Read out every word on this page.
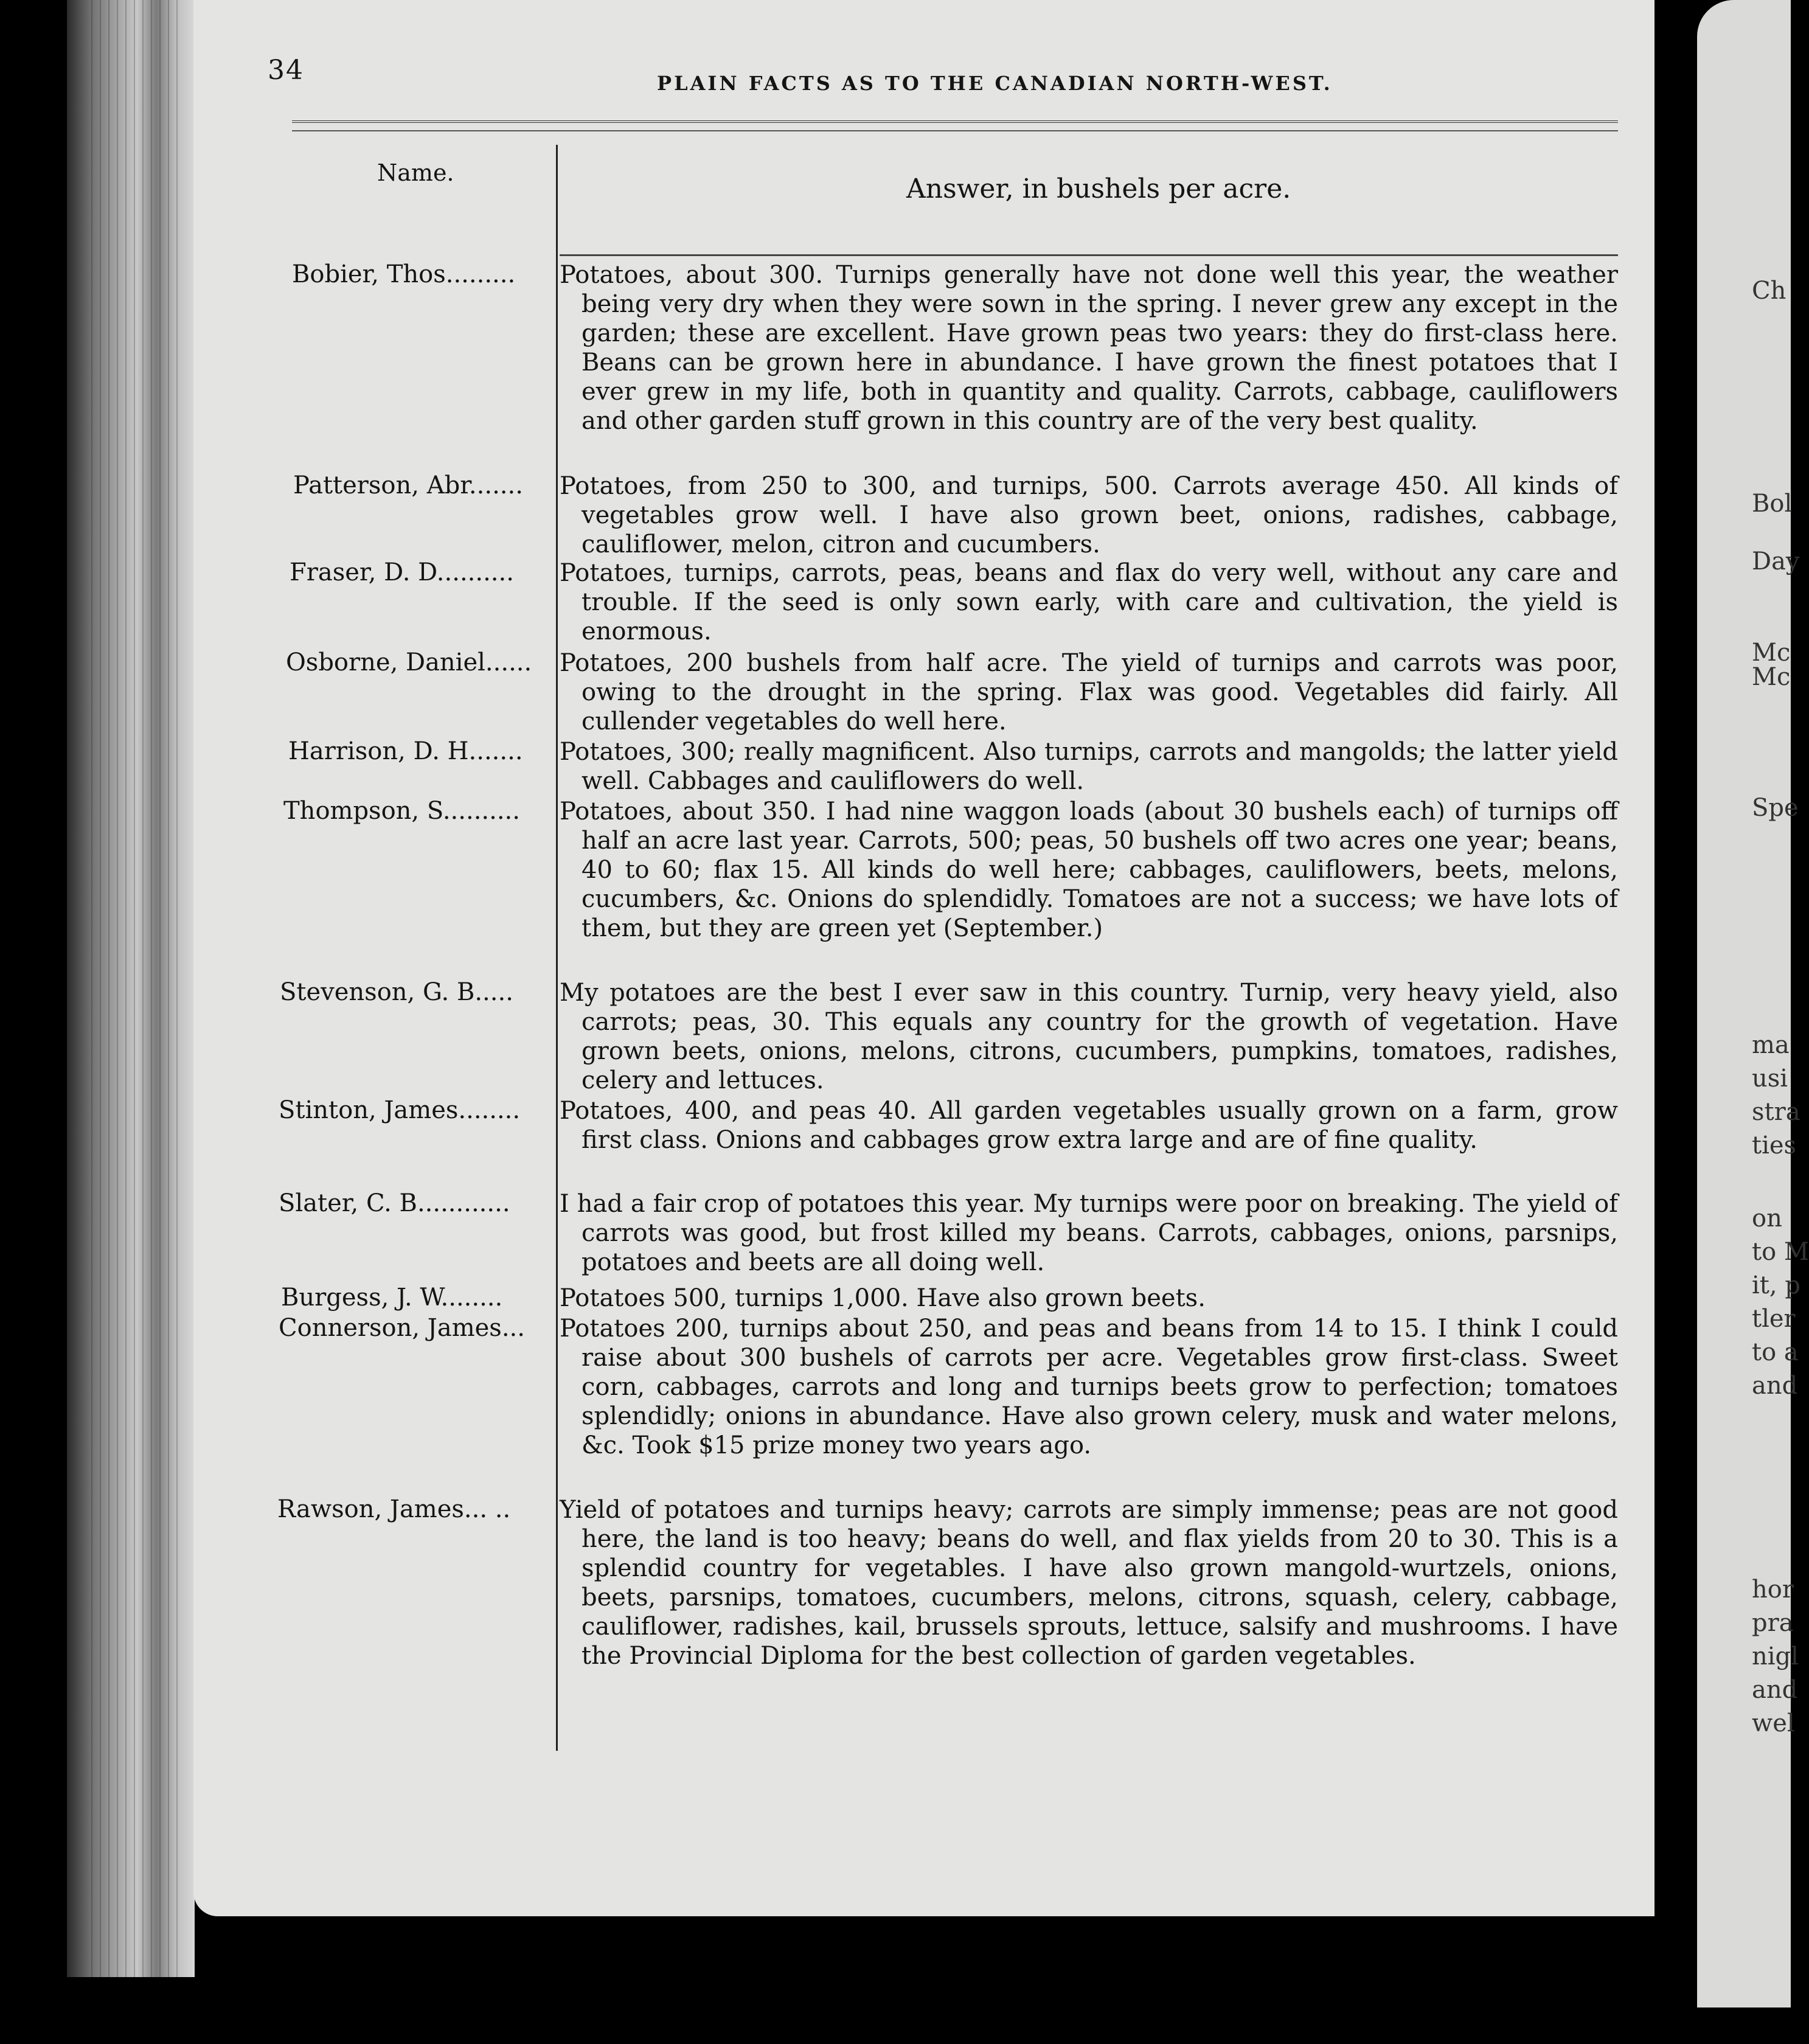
Ch
Bol
Day
Mc
Mc
Spe
ma
usi
stra
ties
on
to M
it, p
tler
to a
and
hor
pra
nigl
and
wel
34	PLAIN FACTS AS TO THE CANADIAN NORTH-WEST.
Name.
Answer, in bushels per acre.
Bobier, Thos.........	Potatoes, about 300. Turnips generally have not done well this year, the weather being very dry when they were sown in the spring. I never grew any except in the garden; these are excellent. Have grown peas two years: they do first-class here. Beans can be grown here in abundance. I have grown the finest potatoes that I ever grew in my life, both in quantity and quality. Carrots, cabbage, cauliflowers and other garden stuff grown in this country are of the very best quality.
Patterson, Abr.......	Potatoes, from 250 to 300, and turnips, 500. Carrots average 450. All kinds of vegetables grow well. I have also grown beet, onions, radishes, cabbage, cauliflower, melon, citron and cucumbers.
Fraser, D. D..........	Potatoes, turnips, carrots, peas, beans and flax do very well, without any care and trouble. If the seed is only sown early, with care and cultivation, the yield is enormous.
Osborne, Daniel......	Potatoes, 200 bushels from half acre. The yield of turnips and carrots was poor, owing to the drought in the spring. Flax was good. Vegetables did fairly. All cullender vegetables do well here.
Harrison, D. H.......	Potatoes, 300; really magnificent. Also turnips, carrots and mangolds; the latter yield well. Cabbages and cauliflowers do well.
Thompson, S..........	Potatoes, about 350. I had nine waggon loads (about 30 bushels each) of turnips off half an acre last year. Carrots, 500; peas, 50 bushels off two acres one year; beans, 40 to 60; flax 15. All kinds do well here; cabbages, cauliflowers, beets, melons, cucumbers, &c. Onions do splendidly. Tomatoes are not a success; we have lots of them, but they are green yet (September.)
Stevenson, G. B.....	My potatoes are the best I ever saw in this country. Turnip, very heavy yield, also carrots; peas, 30. This equals any country for the growth of vegetation. Have grown beets, onions, melons, citrons, cucumbers, pumpkins, tomatoes, radishes, celery and lettuces.
Stinton, James........	Potatoes, 400, and peas 40. All garden vegetables usually grown on a farm, grow first class. Onions and cabbages grow extra large and are of fine quality.
Slater, C. B............	I had a fair crop of potatoes this year. My turnips were poor on breaking. The yield of carrots was good, but frost killed my beans. Carrots, cabbages, onions, parsnips, potatoes and beets are all doing well.
Burgess, J. W........	Potatoes 500, turnips 1,000. Have also grown beets.
Connerson, James...	Potatoes 200, turnips about 250, and peas and beans from 14 to 15. I think I could raise about 300 bushels of carrots per acre. Vegetables grow first-class. Sweet corn, cabbages, carrots and long and turnips beets grow to perfection; tomatoes splendidly; onions in abundance. Have also grown celery, musk and water melons, &c. Took $15 prize money two years ago.
Rawson, James... ..	Yield of potatoes and turnips heavy; carrots are simply immense; peas are not good here, the land is too heavy; beans do well, and flax yields from 20 to 30. This is a splendid country for vegetables. I have also grown mangold-wurtzels, onions, beets, parsnips, tomatoes, cucumbers, melons, citrons, squash, celery, cabbage, cauliflower, radishes, kail, brussels sprouts, lettuce, salsify and mushrooms. I have the Provincial Diploma for the best collection of garden vegetables.
